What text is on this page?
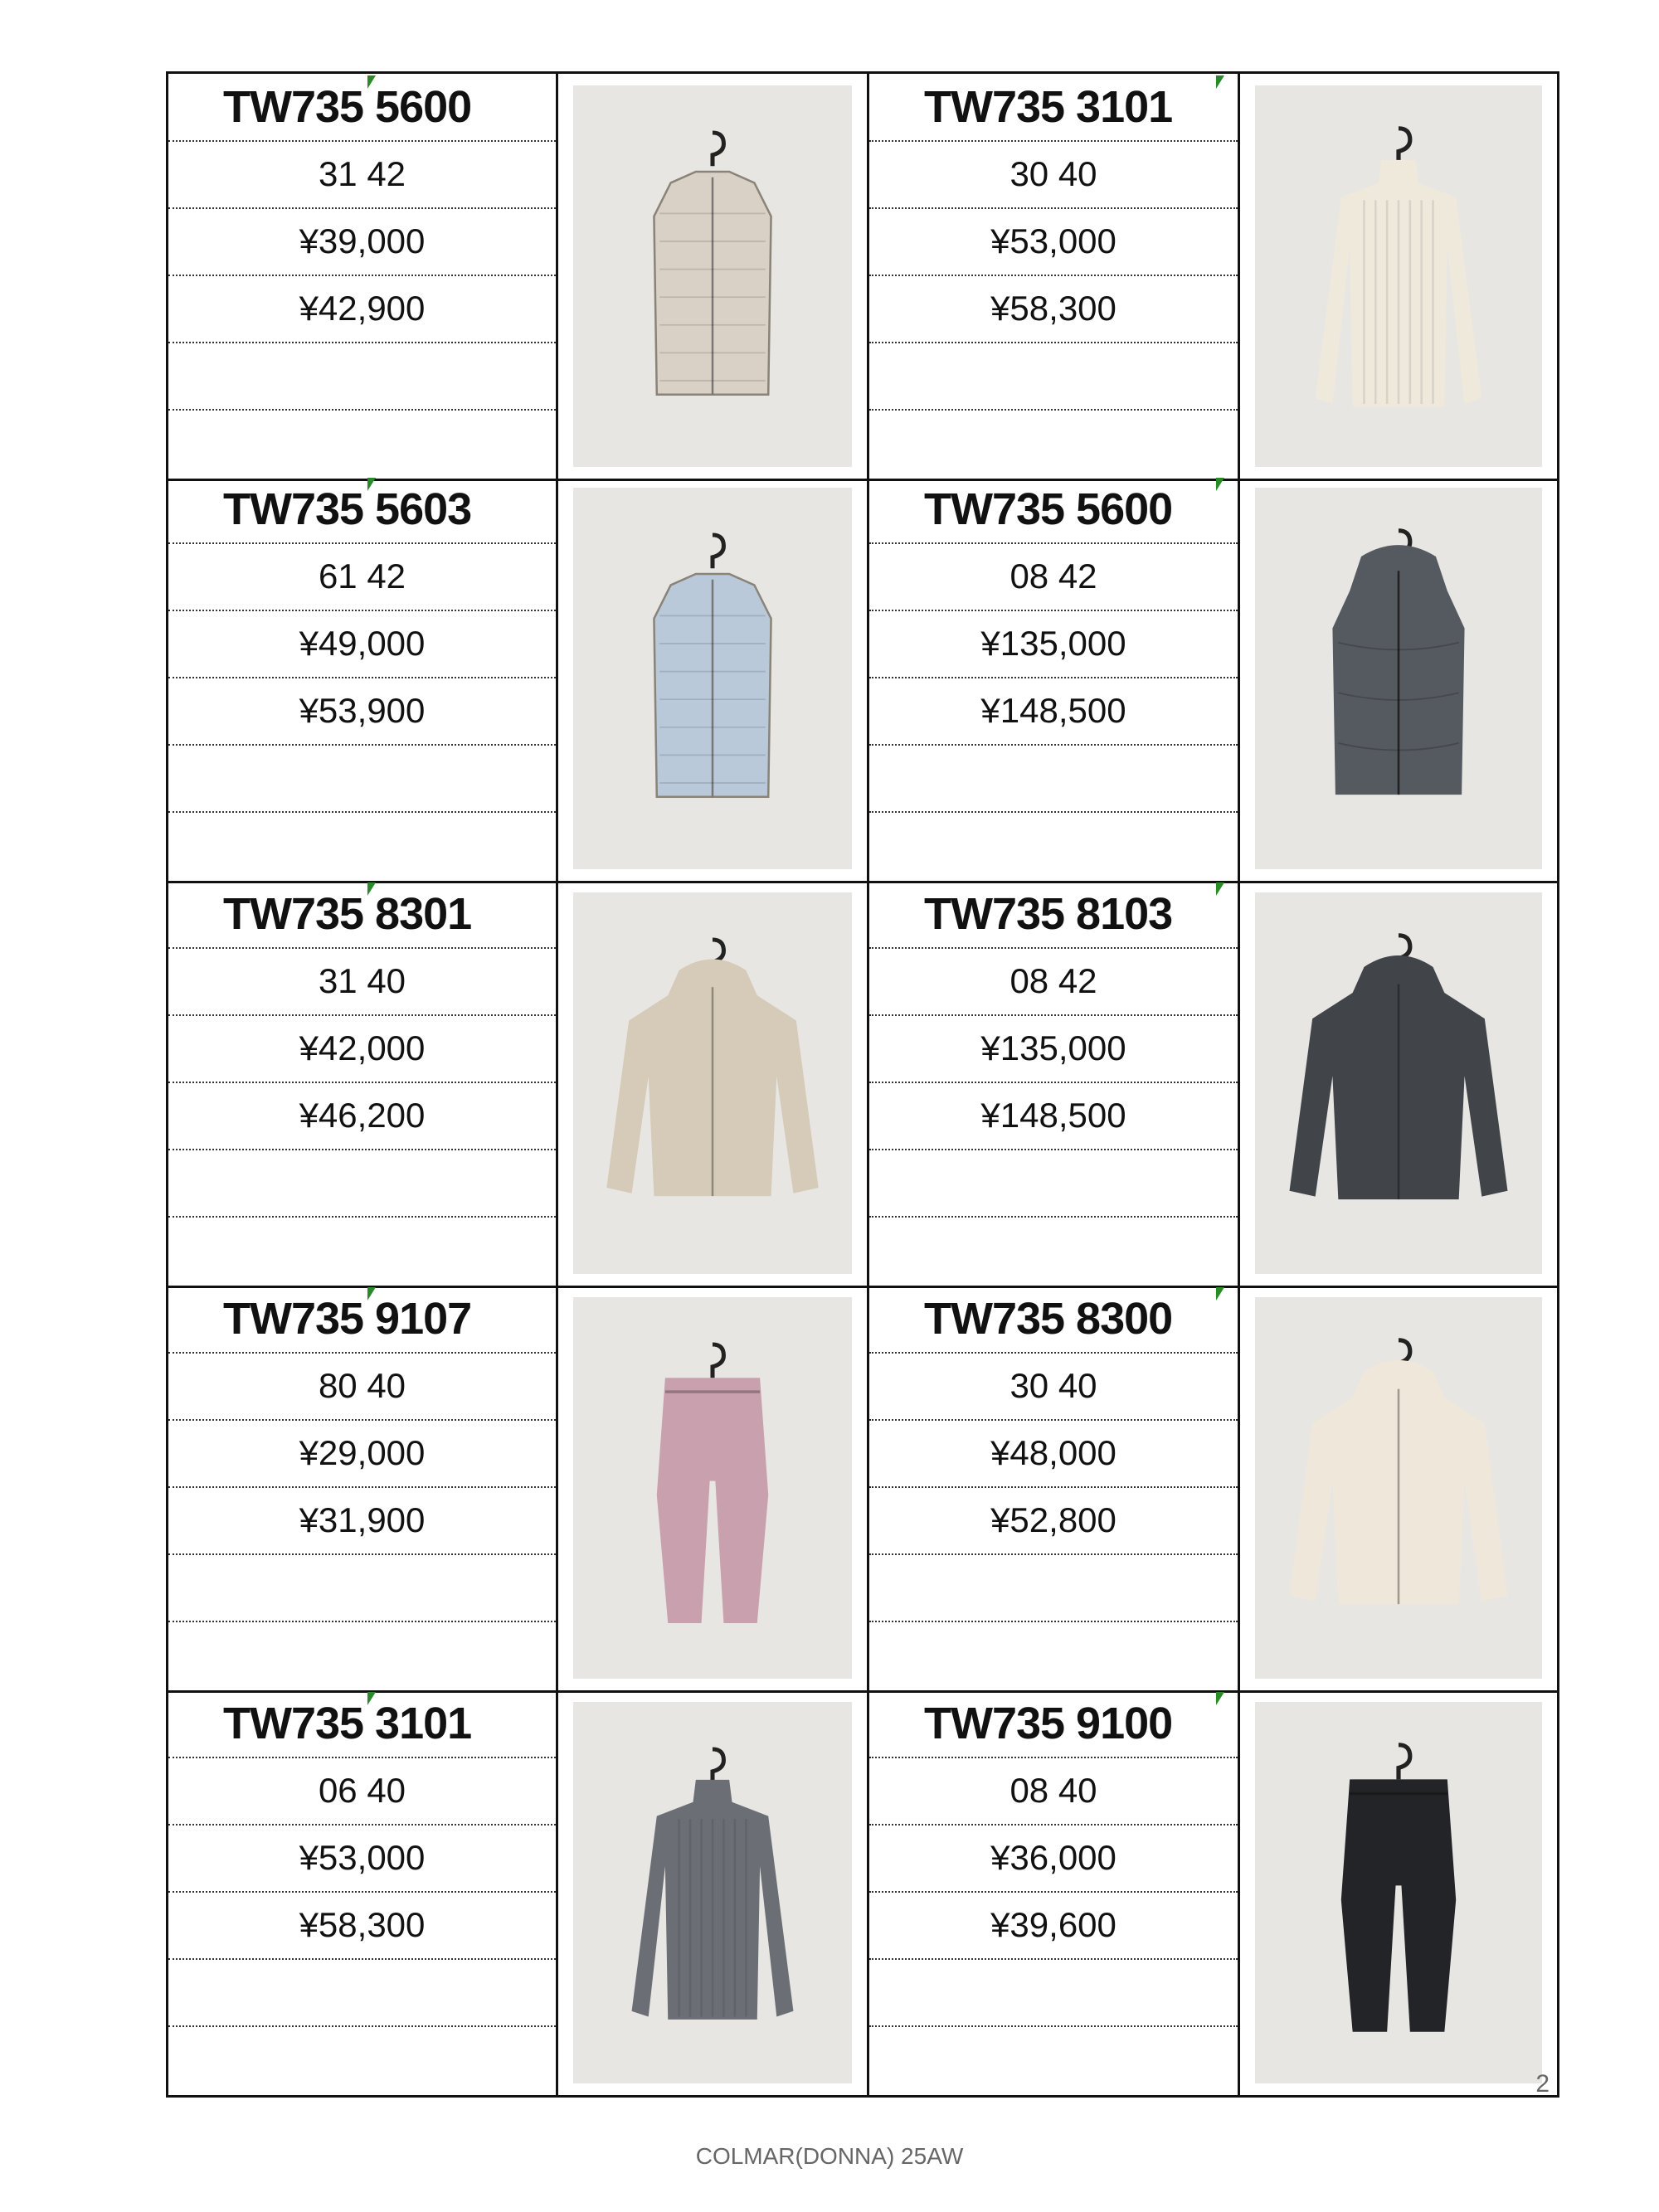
TW735 5600
31 42
¥39,000
¥42,900
TW735 3101
30 40
¥53,000
¥58,300
TW735 5603
61 42
¥49,000
¥53,900
TW735 5600
08 42
¥135,000
¥148,500
TW735 8301
31 40
¥42,000
¥46,200
TW735 8103
08 42
¥135,000
¥148,500
TW735 9107
80 40
¥29,000
¥31,900
TW735 8300
30 40
¥48,000
¥52,800
TW735 3101
06 40
¥53,000
¥58,300
TW735 9100
08 40
¥36,000
¥39,600
2
COLMAR(DONNA) 25AW
